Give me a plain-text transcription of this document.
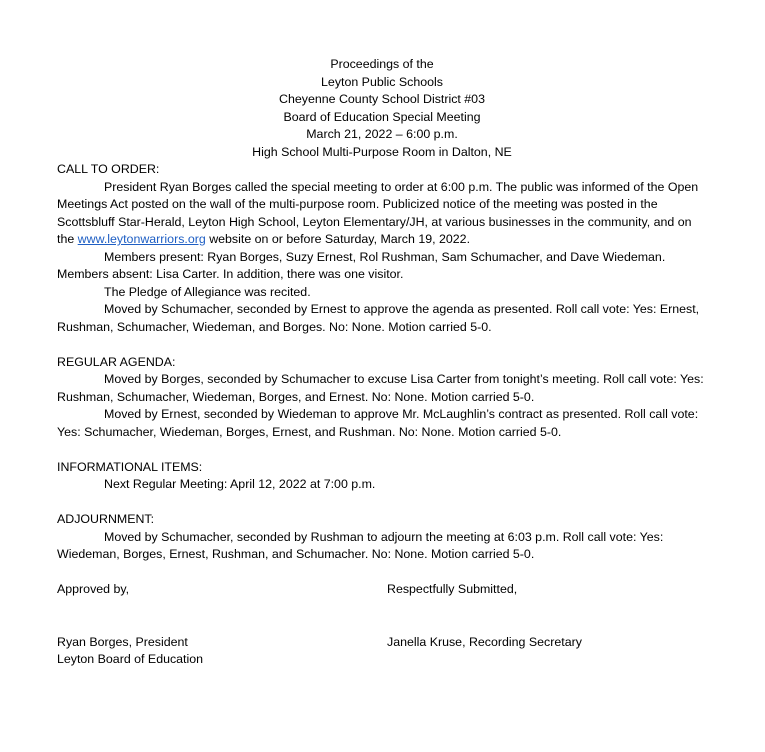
Proceedings of the
Leyton Public Schools
Cheyenne County School District #03
Board of Education Special Meeting
March 21, 2022 – 6:00 p.m.
High School Multi-Purpose Room in Dalton, NE
CALL TO ORDER:
President Ryan Borges called the special meeting to order at 6:00 p.m. The public was informed of the Open Meetings Act posted on the wall of the multi-purpose room. Publicized notice of the meeting was posted in the Scottsbluff Star-Herald, Leyton High School, Leyton Elementary/JH, at various businesses in the community, and on the www.leytonwarriors.org website on or before Saturday, March 19, 2022.
Members present: Ryan Borges, Suzy Ernest, Rol Rushman, Sam Schumacher, and Dave Wiedeman. Members absent: Lisa Carter. In addition, there was one visitor.
The Pledge of Allegiance was recited.
Moved by Schumacher, seconded by Ernest to approve the agenda as presented. Roll call vote: Yes: Ernest, Rushman, Schumacher, Wiedeman, and Borges. No: None. Motion carried 5-0.
REGULAR AGENDA:
Moved by Borges, seconded by Schumacher to excuse Lisa Carter from tonight’s meeting. Roll call vote: Yes: Rushman, Schumacher, Wiedeman, Borges, and Ernest. No: None. Motion carried 5-0.
Moved by Ernest, seconded by Wiedeman to approve Mr. McLaughlin’s contract as presented. Roll call vote: Yes: Schumacher, Wiedeman, Borges, Ernest, and Rushman. No: None. Motion carried 5-0.
INFORMATIONAL ITEMS:
Next Regular Meeting: April 12, 2022 at 7:00 p.m.
ADJOURNMENT:
Moved by Schumacher, seconded by Rushman to adjourn the meeting at 6:03 p.m. Roll call vote: Yes: Wiedeman, Borges, Ernest, Rushman, and Schumacher. No: None. Motion carried 5-0.
Approved by,	Respectfully Submitted,
Ryan Borges, President	Janella Kruse, Recording Secretary
Leyton Board of Education
